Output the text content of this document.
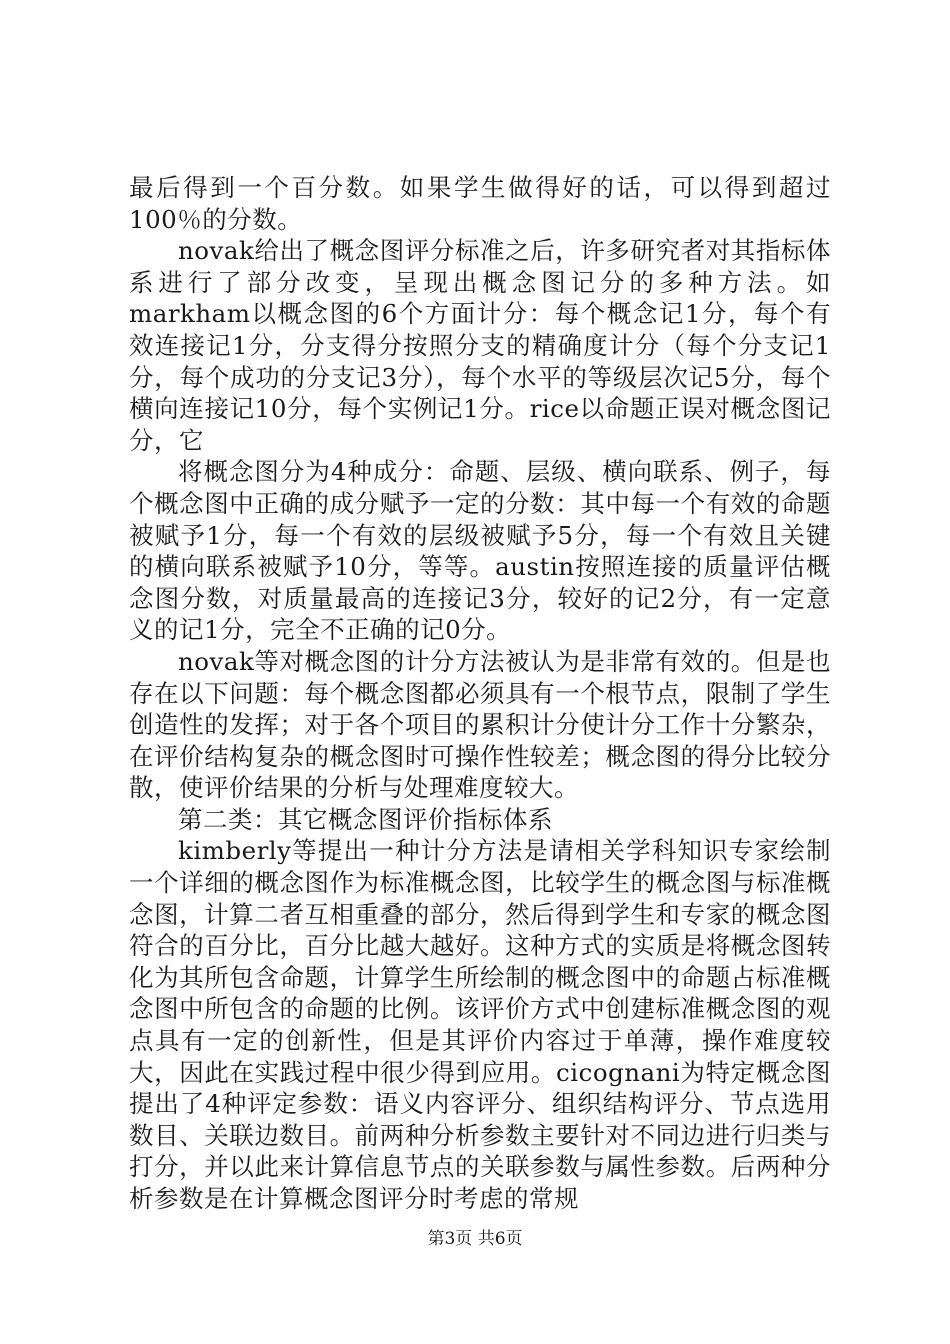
最后得到一个百分数。如果学生做得好的话，可以得到超过100％的分数。

novak给出了概念图评分标准之后，许多研究者对其指标体系进行了部分改变，呈现出概念图记分的多种方法。如markham以概念图的6个方面计分：每个概念记1分，每个有效连接记1分，分支得分按照分支的精确度计分（每个分支记1分，每个成功的分支记3分），每个水平的等级层次记5分，每个横向连接记10分，每个实例记1分。rice以命题正误对概念图记分，它

将概念图分为4种成分：命题、层级、横向联系、例子，每个概念图中正确的成分赋予一定的分数：其中每一个有效的命题被赋予1分，每一个有效的层级被赋予5分，每一个有效且关键的横向联系被赋予10分，等等。austin按照连接的质量评估概念图分数，对质量最高的连接记3分，较好的记2分，有一定意义的记1分，完全不正确的记0分。

novak等对概念图的计分方法被认为是非常有效的。但是也存在以下问题：每个概念图都必须具有一个根节点，限制了学生创造性的发挥；对于各个项目的累积计分使计分工作十分繁杂，在评价结构复杂的概念图时可操作性较差；概念图的得分比较分散，使评价结果的分析与处理难度较大。

第二类：其它概念图评价指标体系

kimberly等提出一种计分方法是请相关学科知识专家绘制一个详细的概念图作为标准概念图，比较学生的概念图与标准概念图，计算二者互相重叠的部分，然后得到学生和专家的概念图符合的百分比，百分比越大越好。这种方式的实质是将概念图转化为其所包含命题，计算学生所绘制的概念图中的命题占标准概念图中所包含的命题的比例。该评价方式中创建标准概念图的观点具有一定的创新性，但是其评价内容过于单薄，操作难度较大，因此在实践过程中很少得到应用。cicognani为特定概念图提出了4种评定参数：语义内容评分、组织结构评分、节点选用数目、关联边数目。前两种分析参数主要针对不同边进行归类与打分，并以此来计算信息节点的关联参数与属性参数。后两种分析参数是在计算概念图评分时考虑的常规

第3页 共6页
